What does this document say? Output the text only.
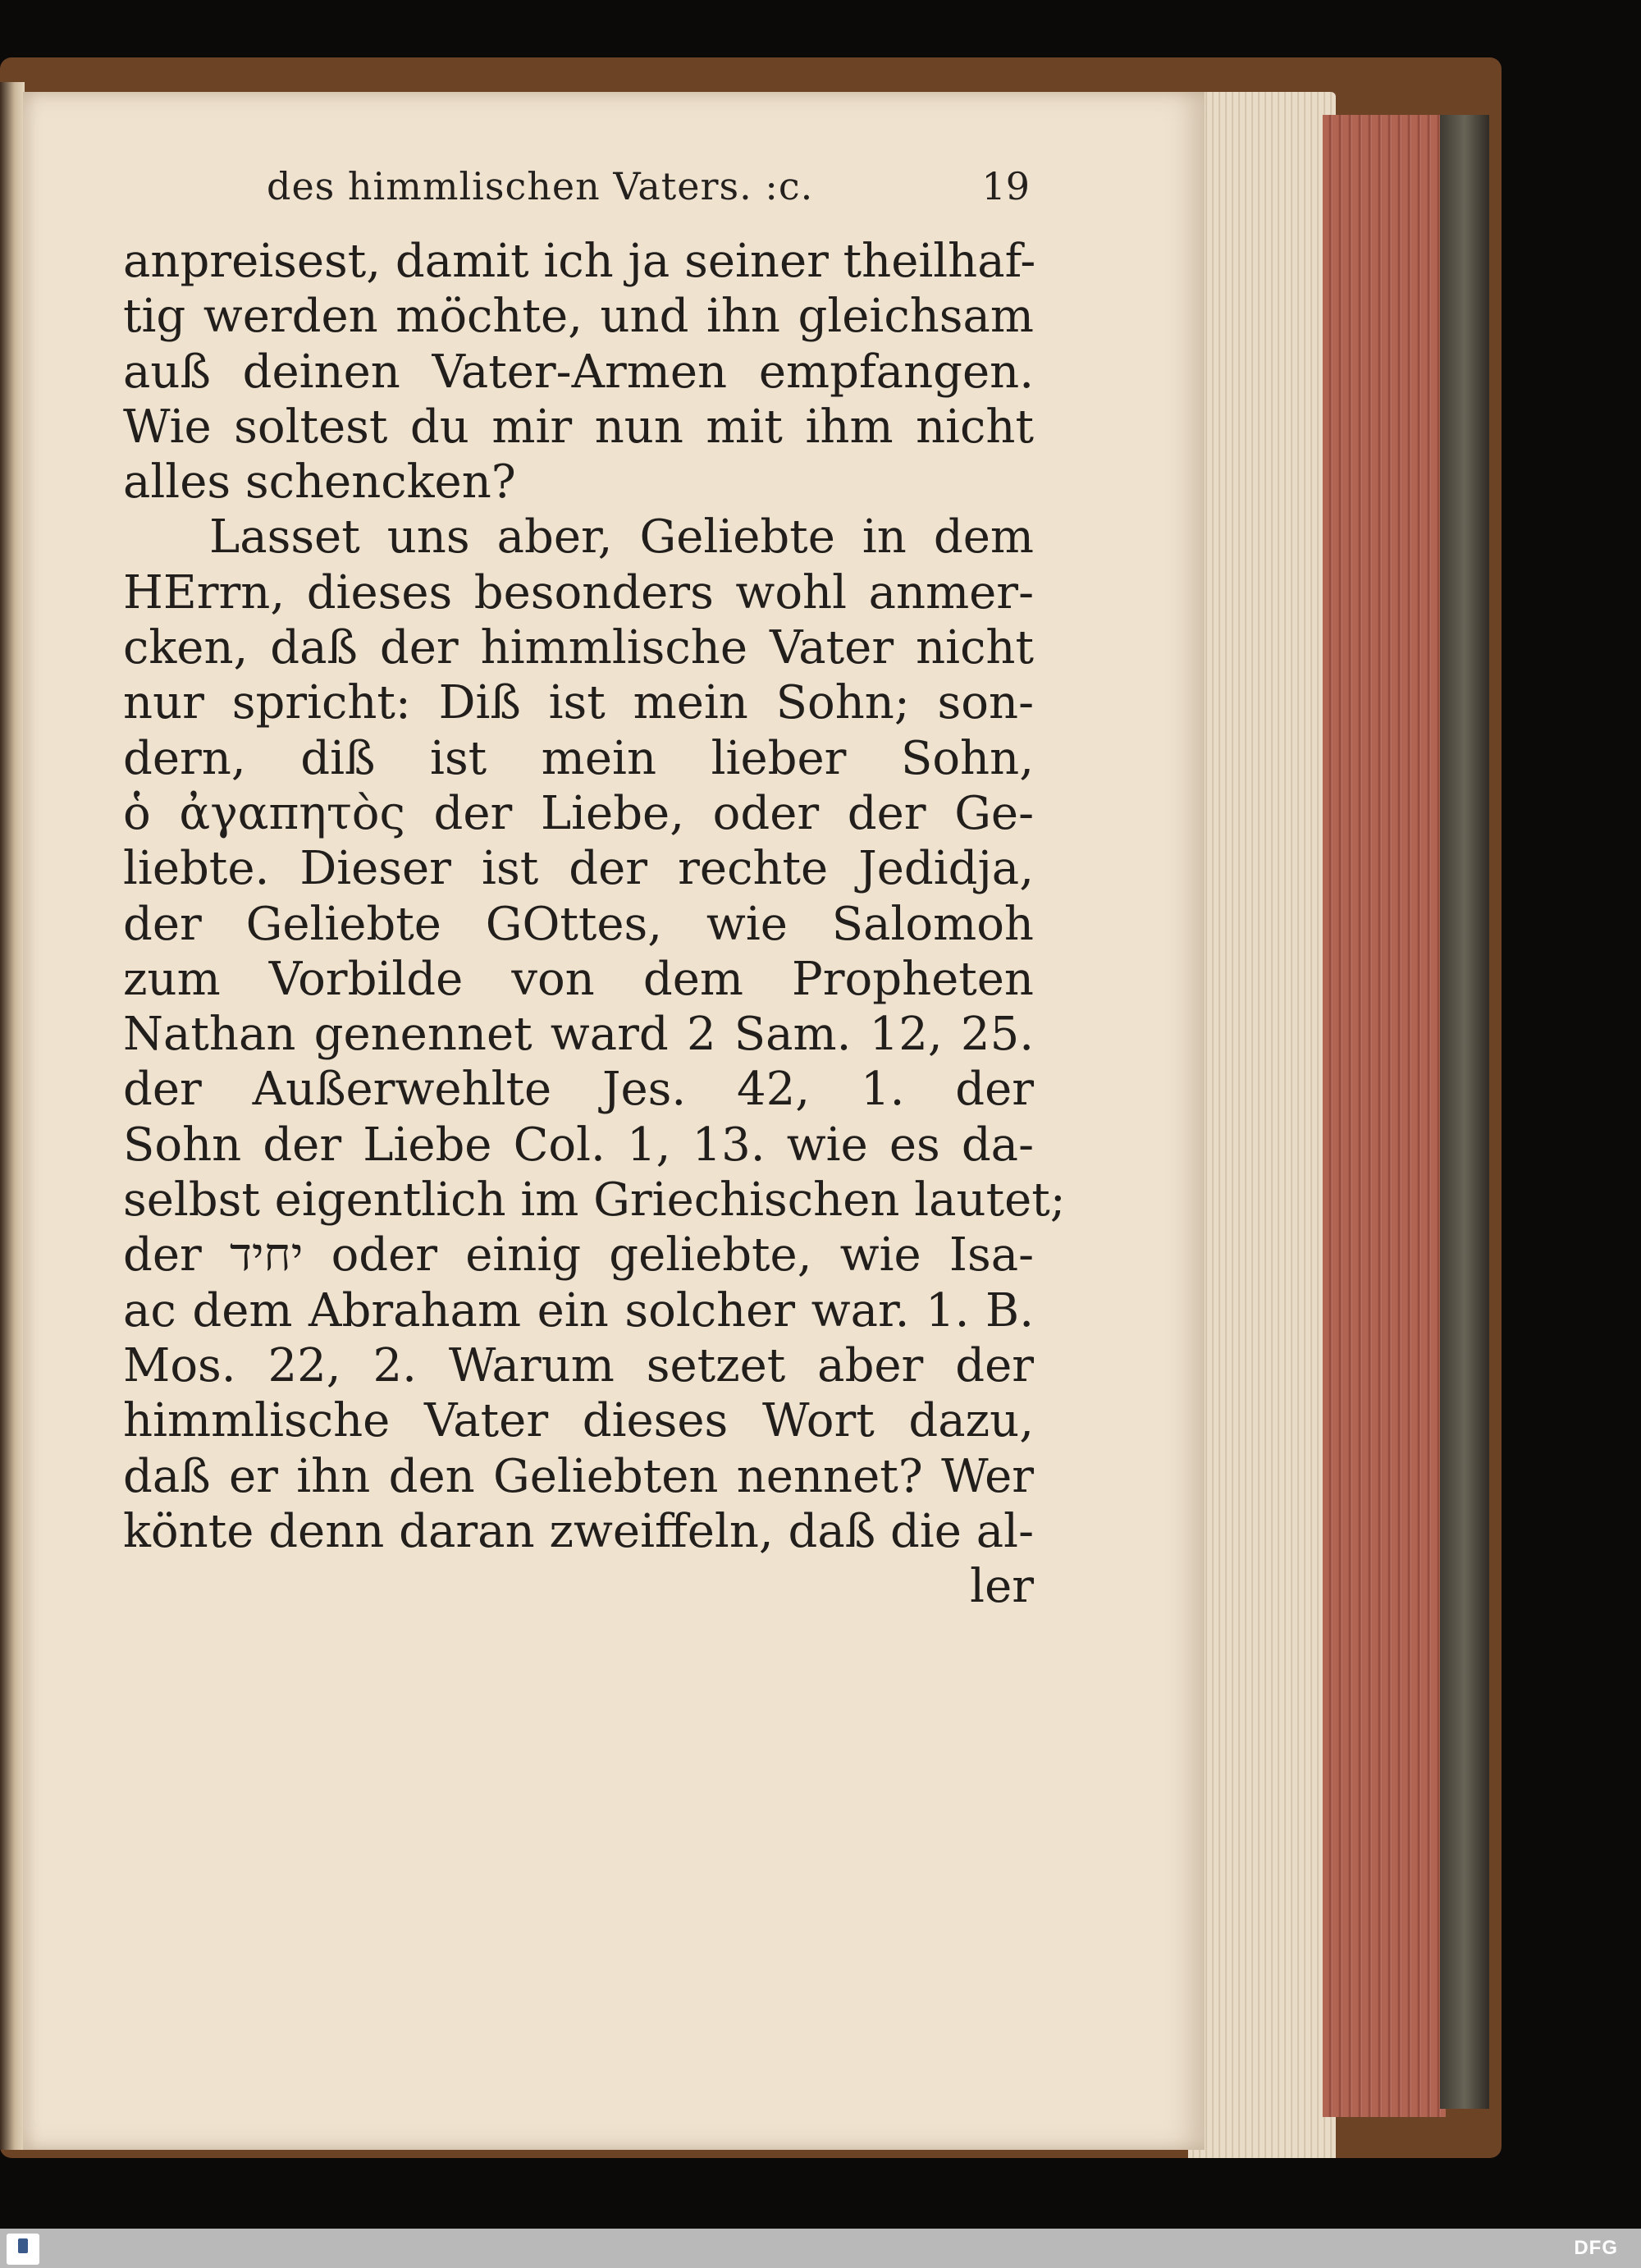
des himmlischen Vaters. :c.	19
anpreisest, damit ich ja seiner theilhaf-
tig werden möchte, und ihn gleichsam
auß deinen Vater-Armen empfangen.
Wie soltest du mir nun mit ihm nicht
alles schencken?
Lasset uns aber, Geliebte in dem
HErrn, dieses besonders wohl anmer-
cken, daß der himmlische Vater nicht
nur spricht: Diß ist mein Sohn; son-
dern, diß ist mein lieber Sohn,
ὁ ἀγαπητὸς der Liebe, oder der Ge-
liebte. Dieser ist der rechte Jedidja,
der Geliebte GOttes, wie Salomoh
zum Vorbilde von dem Propheten
Nathan genennet ward 2 Sam. 12, 25.
der Außerwehlte Jes. 42, 1. der
Sohn der Liebe Col. 1, 13. wie es da-
selbst eigentlich im Griechischen lautet;
der יחיד oder einig geliebte, wie Isa-
ac dem Abraham ein solcher war. 1. B.
Mos. 22, 2. Warum setzet aber der
himmlische Vater dieses Wort dazu,
daß er ihn den Geliebten nennet? Wer
könte denn daran zweiffeln, daß die al-
ler
DFG
